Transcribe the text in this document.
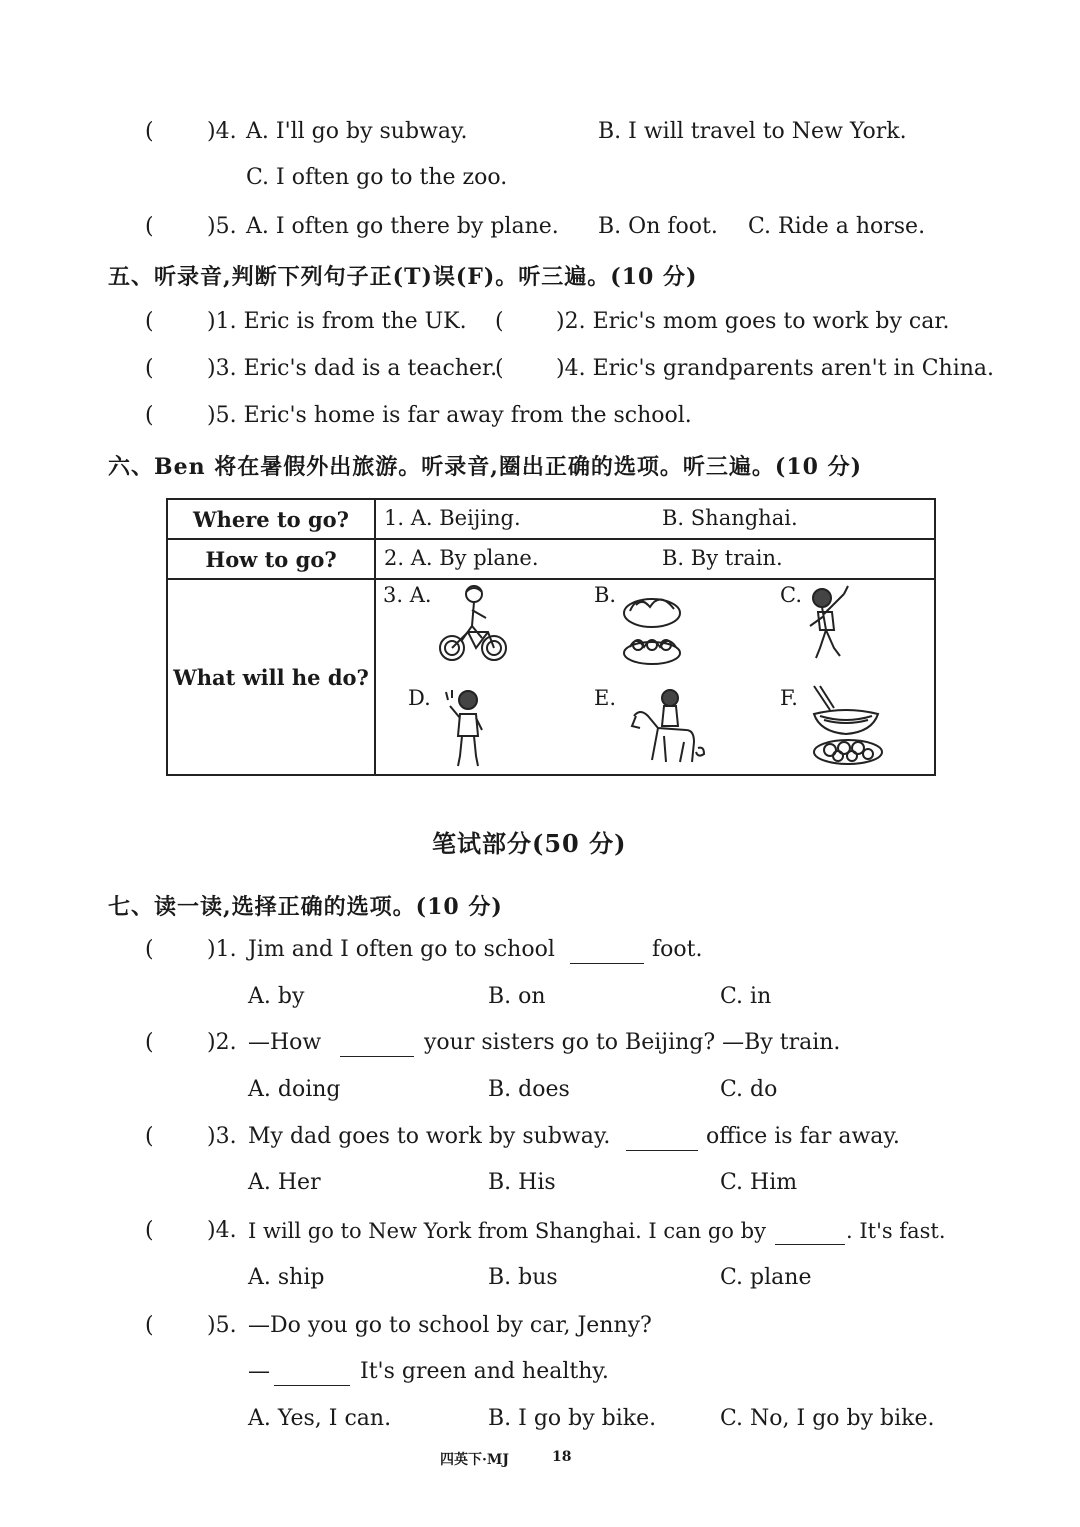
( )4. A. I'll go by subway.	B. I will travel to New York.
C. I often go to the zoo.
( )5. A. I often go there by plane. B. On foot. C. Ride a horse.
五、听录音,判断下列句子正(T)误(F)。听三遍。(10 分)
( )1. Eric is from the UK. ( )2. Eric's mom goes to work by car.
( )3. Eric's dad is a teacher.
( )4. Eric's grandparents aren't in China.
( )5. Eric's home is far away from the school.
六、Ben 将在暑假外出旅游。听录音,圈出正确的选项。听三遍。(10 分)
Where to go?	1. A. Beijing. B. Shanghai.

How to go?	2. A. By plane. B. By train.

What will he do?	
3. A.	B.	C.
D.	E.	F.
笔试部分(50 分)
七、读一读,选择正确的选项。(10 分)
( )1. Jim and I often go to school	foot.
A. by	B. on	C. in
( )2. —How	your sisters go to Beijing? —By train.
A. doing	B. does	C. do
( )3. My dad goes to work by subway.	office is far away.
A. Her	B. His	C. Him
( )4. I will go to New York from Shanghai. I can go by	. It's fast.
A. ship	B. bus	C. plane
( )5. —Do you go to school by car, Jenny?
—	It's green and healthy.
A. Yes, I can.	B. I go by bike.	C. No, I go by bike.
四英下·MJ	18
